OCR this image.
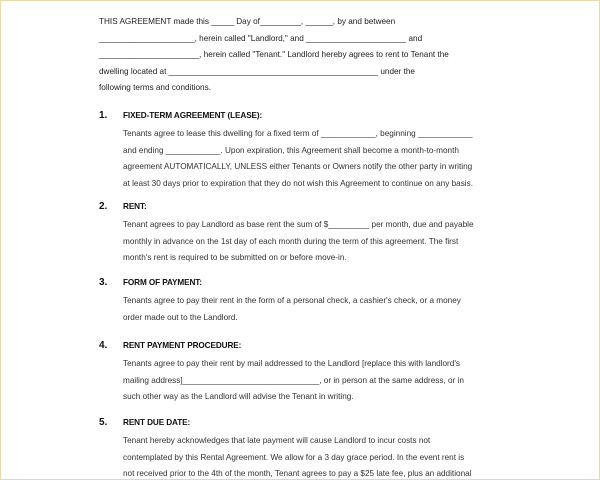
THIS AGREEMENT made this _____ Day of_________, ______, by and between

_____________________, herein called "Landlord," and ______________________ and

______________________, herein called "Tenant." Landlord hereby agrees to rent to Tenant the

dwelling located at ______________________________________________ under the

following terms and conditions.

1.	FIXED-TERM AGREEMENT (LEASE):

Tenants agree to lease this dwelling for a fixed term of ____________, beginning ____________

and ending ____________. Upon expiration, this Agreement shall become a month-to-month

agreement AUTOMATICALLY, UNLESS either Tenants or Owners notify the other party in writing

at least 30 days prior to expiration that they do not wish this Agreement to continue on any basis.

2.	RENT:

Tenant agrees to pay Landlord as base rent the sum of $_________ per month, due and payable

monthly in advance on the 1st day of each month during the term of this agreement. The first

month's rent is required to be submitted on or before move-in.

3.	FORM OF PAYMENT:

Tenants agree to pay their rent in the form of a personal check, a cashier's check, or a money

order made out to the Landlord.

4.	RENT PAYMENT PROCEDURE:

Tenants agree to pay their rent by mail addressed to the Landlord [replace this with landlord's

mailing address]______________________________, or in person at the same address, or in

such other way as the Landlord will advise the Tenant in writing.

5.	RENT DUE DATE:

Tenant hereby acknowledges that late payment will cause Landlord to incur costs not

contemplated by this Rental Agreement. We allow for a 3 day grace period. In the event rent is

not received prior to the 4th of the month, Tenant agrees to pay a $25 late fee, plus an additional
